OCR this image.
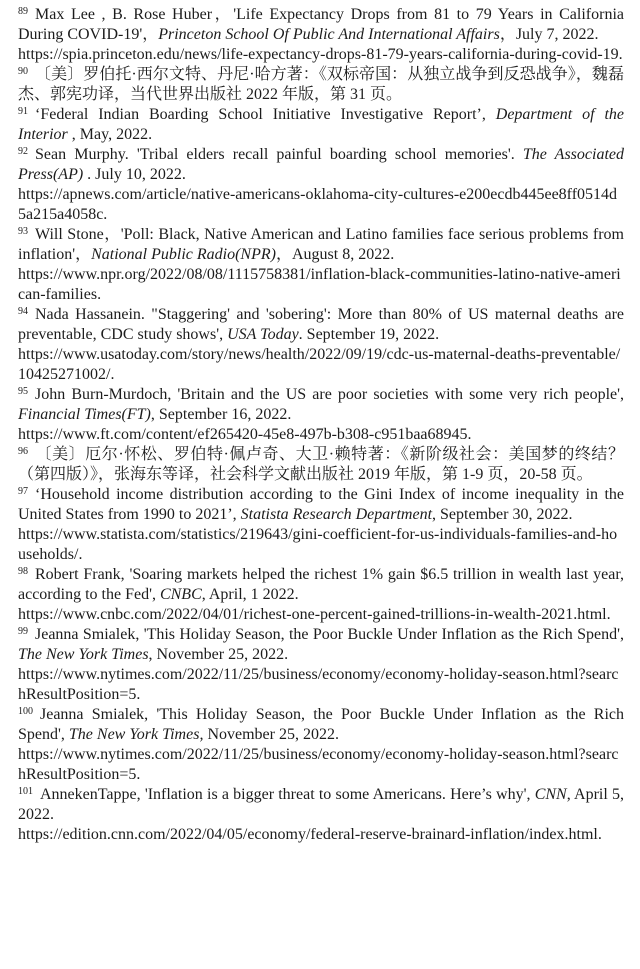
$^{89}$ Max Lee , B. Rose Huber，'Life Expectancy Drops from 81 to 79 Years in California During COVID-19'，Princeton School Of Public And International Affairs，July 7, 2022.
https://spia.princeton.edu/news/life-expectancy-drops-81-79-years-california-during-covid-19.

$^{90}$ 〔美〕罗伯托·西尔文特、丹尼·哈方著：《双标帝国：从独立战争到反恐战争》，魏磊杰、郭宪功译，当代世界出版社 2022 年版，第 31 页。

$^{91}$ ‘Federal Indian Boarding School Initiative Investigative Report’, Department of the Interior , May, 2022.

$^{92}$ Sean Murphy. 'Tribal elders recall painful boarding school memories'. The Associated Press(AP) . July 10, 2022.
https://apnews.com/article/native-americans-oklahoma-city-cultures-e200ecdb445ee8ff0514d5a215a4058c.

$^{93}$ Will Stone，'Poll: Black, Native American and Latino families face serious problems from inflation'，National Public Radio(NPR)，August 8, 2022.
https://www.npr.org/2022/08/08/1115758381/inflation-black-communities-latino-native-american-families.

$^{94}$ Nada Hassanein. "Staggering' and 'sobering': More than 80% of US maternal deaths are preventable, CDC study shows', USA Today. September 19, 2022.
https://www.usatoday.com/story/news/health/2022/09/19/cdc-us-maternal-deaths-preventable/10425271002/.

$^{95}$ John Burn-Murdoch, 'Britain and the US are poor societies with some very rich people', Financial Times(FT), September 16, 2022.
https://www.ft.com/content/ef265420-45e8-497b-b308-c951baa68945.

$^{96}$ 〔美〕厄尔·怀松、罗伯特·佩卢奇、大卫·赖特著：《新阶级社会：美国梦的终结？（第四版）》，张海东等译，社会科学文献出版社 2019 年版，第 1-9 页，20-58 页。

$^{97}$ ‘Household income distribution according to the Gini Index of income inequality in the United States from 1990 to 2021’, Statista Research Department, September 30, 2022.
https://www.statista.com/statistics/219643/gini-coefficient-for-us-individuals-families-and-households/.

$^{98}$ Robert Frank, 'Soaring markets helped the richest 1% gain $6.5 trillion in wealth last year, according to the Fed', CNBC, April, 1 2022.
https://www.cnbc.com/2022/04/01/richest-one-percent-gained-trillions-in-wealth-2021.html.

$^{99}$ Jeanna Smialek, 'This Holiday Season, the Poor Buckle Under Inflation as the Rich Spend', The New York Times, November 25, 2022.
https://www.nytimes.com/2022/11/25/business/economy/economy-holiday-season.html?searchResultPosition=5.

$^{100}$ Jeanna Smialek, 'This Holiday Season, the Poor Buckle Under Inflation as the Rich Spend', The New York Times, November 25, 2022.
https://www.nytimes.com/2022/11/25/business/economy/economy-holiday-season.html?searchResultPosition=5.

$^{101}$ AnnekenTappe, 'Inflation is a bigger threat to some Americans. Here’s why', CNN, April 5, 2022.
https://edition.cnn.com/2022/04/05/economy/federal-reserve-brainard-inflation/index.html.
